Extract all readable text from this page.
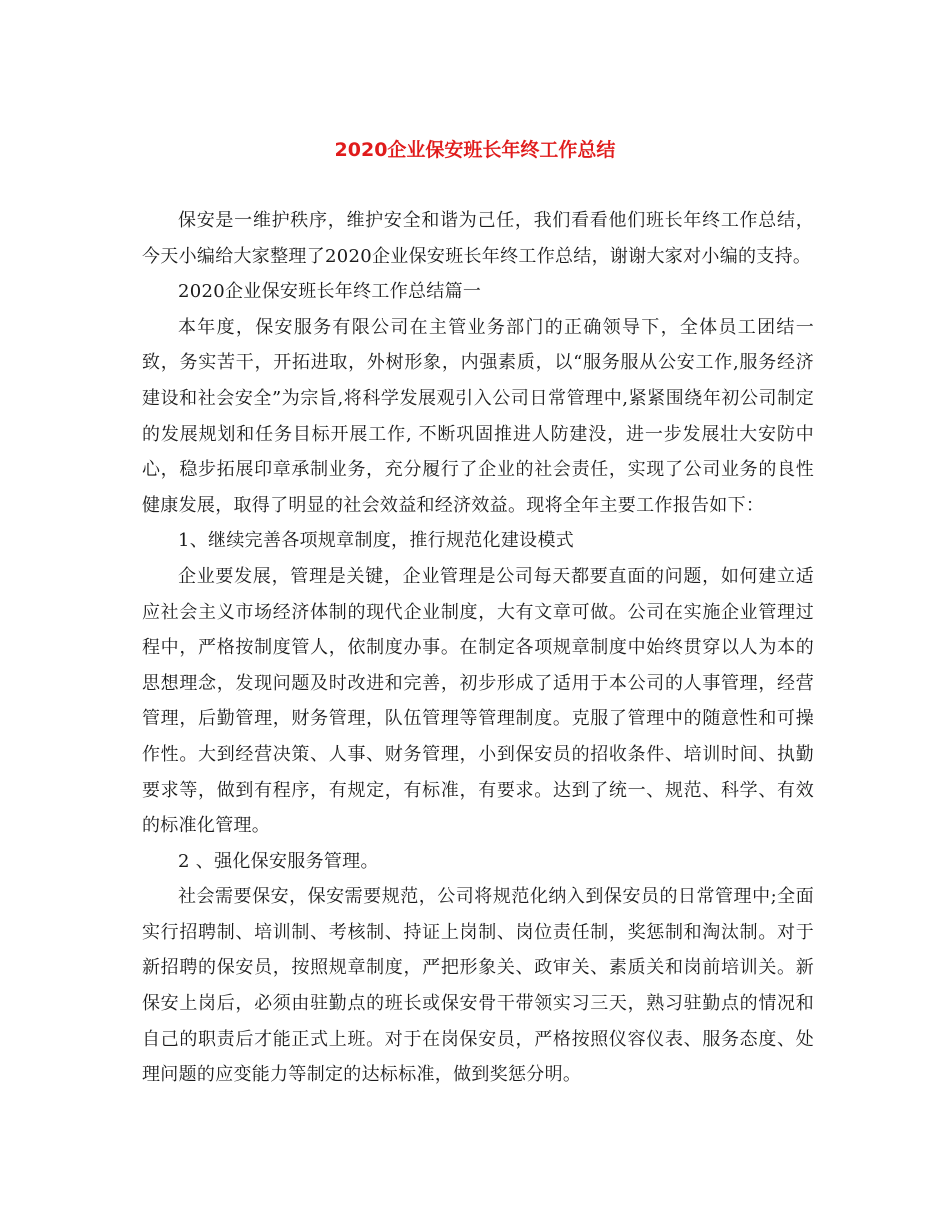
2020企业保安班长年终工作总结

保安是一维护秩序，维护安全和谐为己任，我们看看他们班长年终工作总结，今天小编给大家整理了2020企业保安班长年终工作总结，谢谢大家对小编的支持。

2020企业保安班长年终工作总结篇一

本年度，保安服务有限公司在主管业务部门的正确领导下，全体员工团结一致，务实苦干，开拓进取，外树形象，内强素质，以“服务服从公安工作,服务经济建设和社会安全”为宗旨,将科学发展观引入公司日常管理中,紧紧围绕年初公司制定的发展规划和任务目标开展工作, 不断巩固推进人防建没，进一步发展壮大安防中心，稳步拓展印章承制业务，充分履行了企业的社会责任，实现了公司业务的良性健康发展，取得了明显的社会效益和经济效益。现将全年主要工作报告如下：

1、继续完善各项规章制度，推行规范化建设模式

企业要发展，管理是关键，企业管理是公司每天都要直面的问题，如何建立适应社会主义市场经济体制的现代企业制度，大有文章可做。公司在实施企业管理过程中，严格按制度管人，依制度办事。在制定各项规章制度中始终贯穿以人为本的思想理念，发现问题及时改进和完善，初步形成了适用于本公司的人事管理，经营管理，后勤管理，财务管理，队伍管理等管理制度。克服了管理中的随意性和可操作性。大到经营决策、人事、财务管理，小到保安员的招收条件、培训时间、执勤要求等，做到有程序，有规定，有标准，有要求。达到了统一、规范、科学、有效的标准化管理。

2 、强化保安服务管理。

社会需要保安，保安需要规范，公司将规范化纳入到保安员的日常管理中;全面实行招聘制、培训制、考核制、持证上岗制、岗位责任制，奖惩制和淘汰制。对于新招聘的保安员，按照规章制度，严把形象关、政审关、素质关和岗前培训关。新保安上岗后，必须由驻勤点的班长或保安骨干带领实习三天，熟习驻勤点的情况和自己的职责后才能正式上班。对于在岗保安员，严格按照仪容仪表、服务态度、处理问题的应变能力等制定的达标标准，做到奖惩分明。
